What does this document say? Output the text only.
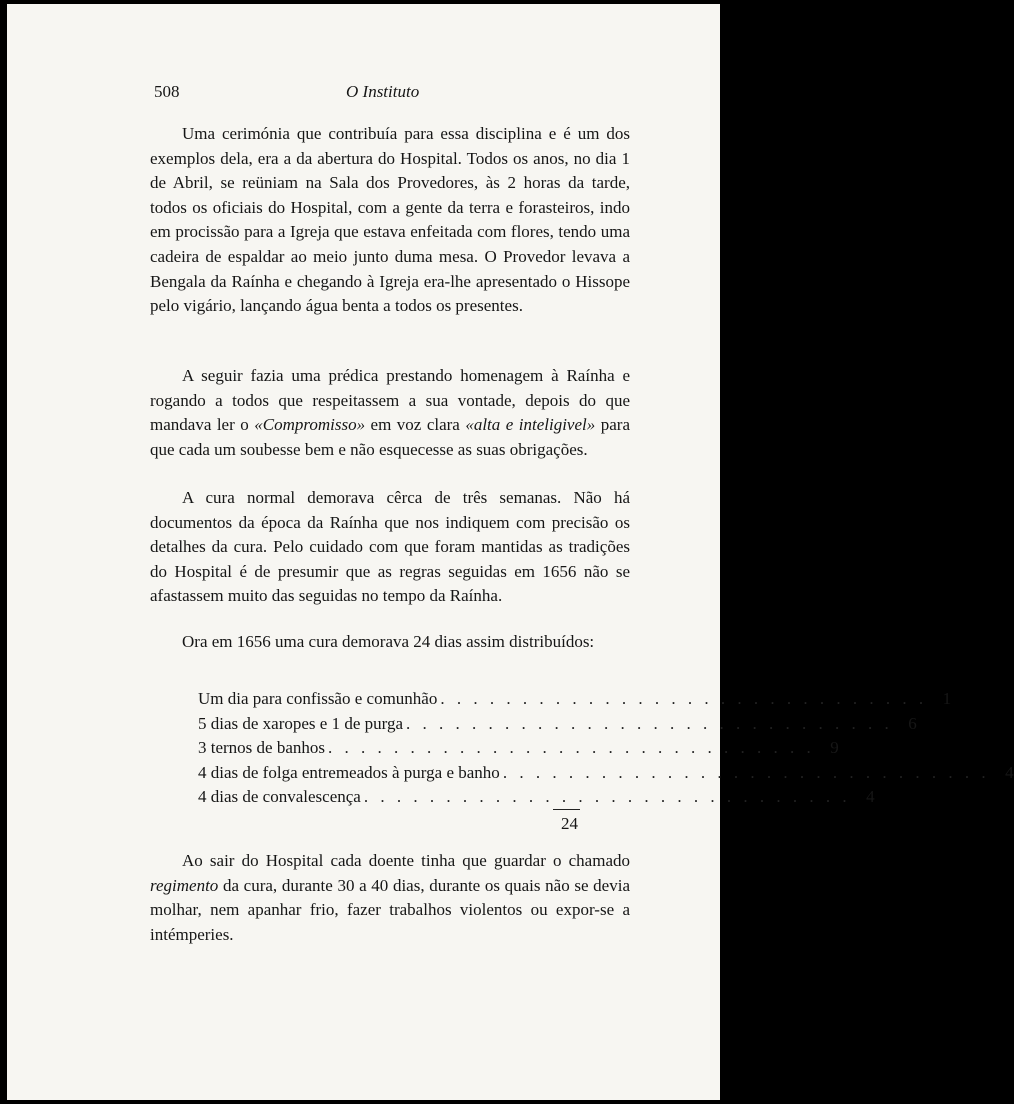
508	O Instituto

Uma cerimónia que contribuía para essa disciplina e é um dos exemplos dela, era a da abertura do Hospital. Todos os anos, no dia 1 de Abril, se reüniam na Sala dos Provedores, às 2 horas da tarde, todos os oficiais do Hospital, com a gente da terra e forasteiros, indo em procissão para a Igreja que estava enfeitada com flores, tendo uma cadeira de espaldar ao meio junto duma mesa. O Provedor levava a Bengala da Raínha e chegando à Igreja era-lhe apresentado o Hissope pelo vigário, lançando água benta a todos os presentes.

A seguir fazia uma prédica prestando homenagem à Raínha e rogando a todos que respeitassem a sua vontade, depois do que mandava ler o «Compromisso» em voz clara «alta e inteligivel» para que cada um soubesse bem e não esquecesse as suas obrigações.

A cura normal demorava cêrca de três semanas. Não há documentos da época da Raínha que nos indiquem com precisão os detalhes da cura. Pelo cuidado com que foram mantidas as tradições do Hospital é de presumir que as regras seguidas em 1656 não se afastassem muito das seguidas no tempo da Raínha.

Ora em 1656 uma cura demorava 24 dias assim distribuídos:

Um dia para confissão e comunhão . . . . . . . . . . . . . . . . . . . . . . . . . . . . . . 1
5 dias de xaropes e 1 de purga . . . . . . . . . . . . . . . . . . . . . . . . . . . . . . 6
3 ternos de banhos . . . . . . . . . . . . . . . . . . . . . . . . . . . . . . 9
4 dias de folga entremeados à purga e banho . . . . . . . . . . . . . . . . . . . . . . . . . . . . . . 4
4 dias de convalescença . . . . . . . . . . . . . . . . . . . . . . . . . . . . . . 4
24

Ao sair do Hospital cada doente tinha que guardar o chamado regimento da cura, durante 30 a 40 dias, durante os quais não se devia molhar, nem apanhar frio, fazer trabalhos violentos ou expor-se a intémperies.
